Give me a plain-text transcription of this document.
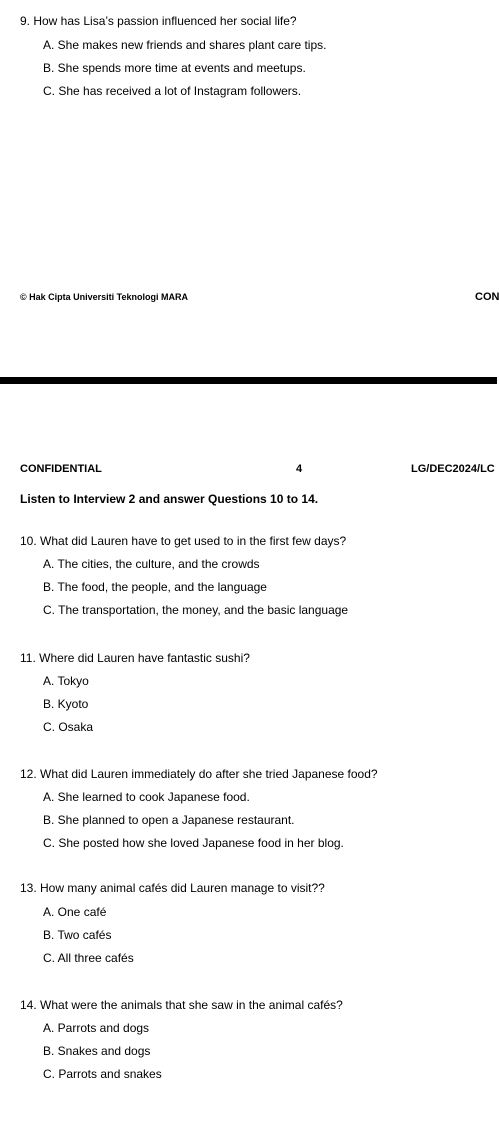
9. How has Lisa’s passion influenced her social life?
A. She makes new friends and shares plant care tips.
B. She spends more time at events and meetups.
C. She has received a lot of Instagram followers.
© Hak Cipta Universiti Teknologi MARA	CON
CONFIDENTIAL	4	LG/DEC2024/LC
Listen to Interview 2 and answer Questions 10 to 14.
10. What did Lauren have to get used to in the first few days?
A. The cities, the culture, and the crowds
B. The food, the people, and the language
C. The transportation, the money, and the basic language
11. Where did Lauren have fantastic sushi?
A. Tokyo
B. Kyoto
C. Osaka
12. What did Lauren immediately do after she tried Japanese food?
A. She learned to cook Japanese food.
B. She planned to open a Japanese restaurant.
C. She posted how she loved Japanese food in her blog.
13. How many animal cafés did Lauren manage to visit??
A. One café
B. Two cafés
C. All three cafés
14. What were the animals that she saw in the animal cafés?
A. Parrots and dogs
B. Snakes and dogs
C. Parrots and snakes
